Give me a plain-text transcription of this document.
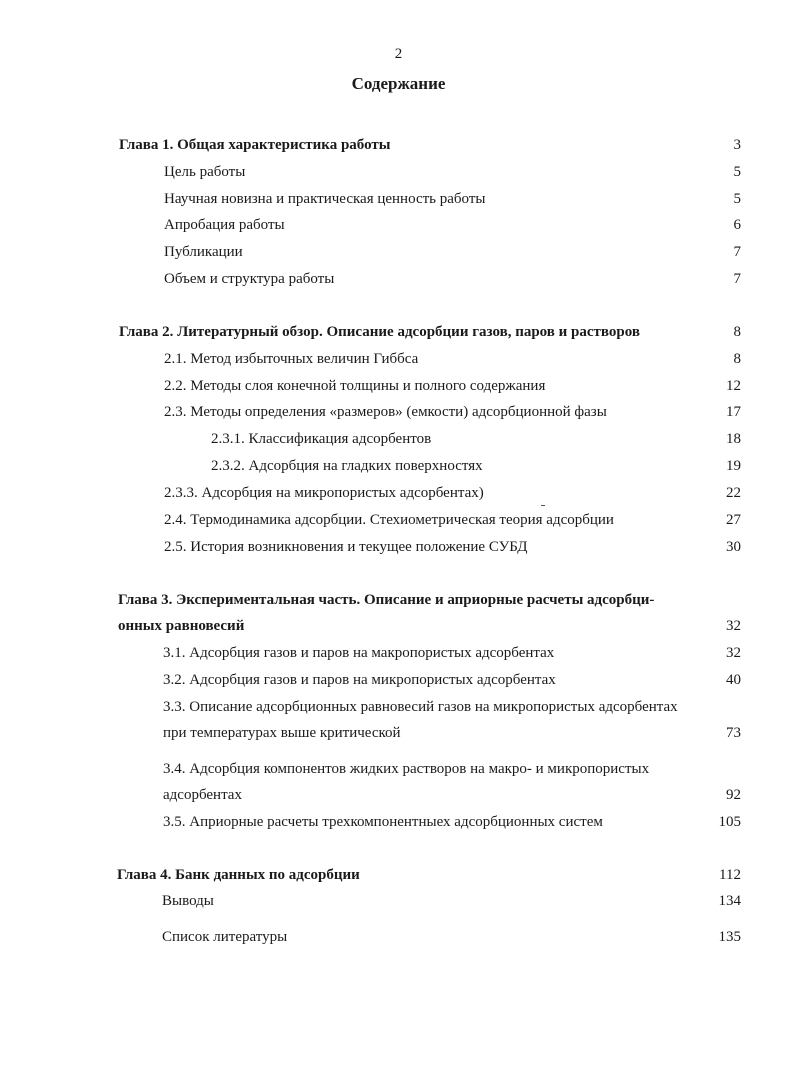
2
Содержание
Глава 1. Общая характеристика работы	3
Цель работы	5
Научная новизна и практическая ценность работы	5
Апробация работы	6
Публикации	7
Объем и структура работы	7
Глава 2. Литературный обзор. Описание адсорбции газов, паров и растворов	8
2.1. Метод избыточных величин Гиббса	8
2.2. Методы слоя конечной толщины и полного содержания	12
2.3. Методы определения «размеров» (емкости) адсорбционной фазы	17
2.3.1. Классификация адсорбентов	18
2.3.2. Адсорбция на гладких поверхностях	19
2.3.3. Адсорбция на микропористых адсорбентах)	22
2.4. Термодинамика адсорбции. Стехиометрическая теория адсорбции	27
2.5. История возникновения и текущее положение СУБД	30
Глава 3. Экспериментальная часть. Описание и априорные расчеты адсорбци-
онных равновесий	32
3.1. Адсорбция газов и паров на макропористых адсорбентах	32
3.2. Адсорбция газов и паров на микропористых адсорбентах	40
3.3. Описание адсорбционных равновесий газов на микропористых адсорбентах
при температурах выше критической	73
3.4. Адсорбция компонентов жидких растворов на макро- и микропористых
адсорбентах	92
3.5. Априорные расчеты трехкомпонентныех адсорбционных систем	105
Глава 4. Банк данных по адсорбции	112
Выводы	134
Список литературы	135
